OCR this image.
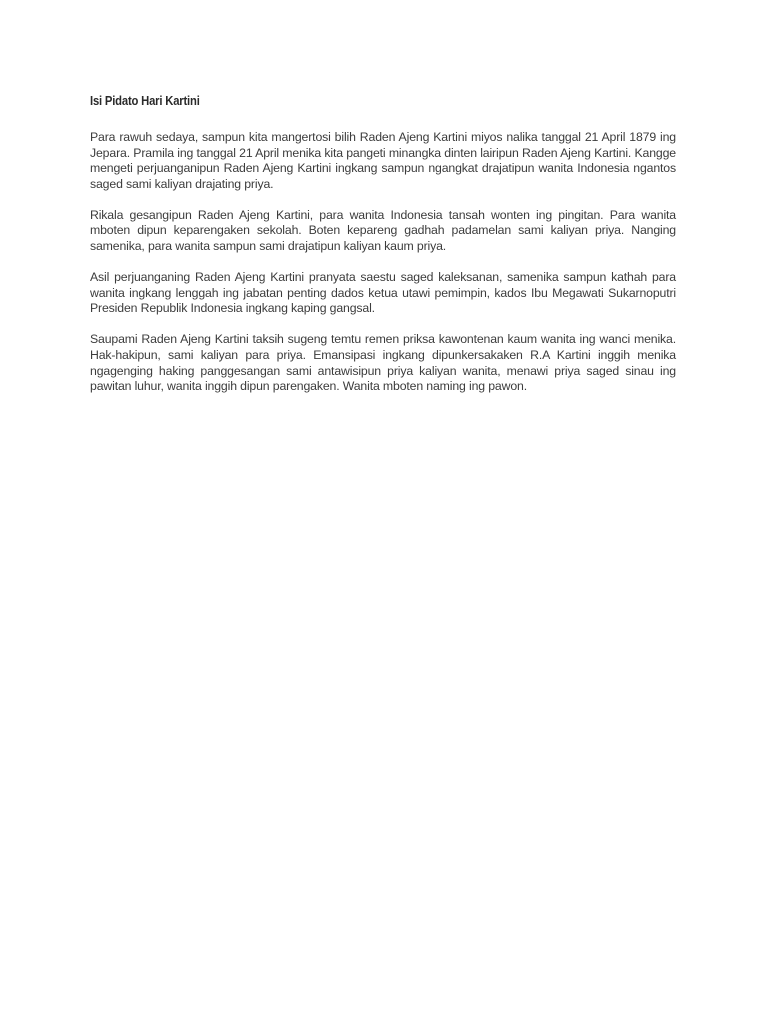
Isi Pidato Hari Kartini

Para rawuh sedaya, sampun kita mangertosi bilih Raden Ajeng Kartini miyos nalika tanggal 21 April 1879 ing Jepara. Pramila ing tanggal 21 April menika kita pangeti minangka dinten lairipun Raden Ajeng Kartini. Kangge mengeti perjuanganipun Raden Ajeng Kartini ingkang sampun ngangkat drajatipun wanita Indonesia ngantos saged sami kaliyan drajating priya.

Rikala gesangipun Raden Ajeng Kartini, para wanita Indonesia tansah wonten ing pingitan. Para wanita mboten dipun keparengaken sekolah. Boten kepareng gadhah padamelan sami kaliyan priya. Nanging samenika, para wanita sampun sami drajatipun kaliyan kaum priya.

Asil perjuanganing Raden Ajeng Kartini pranyata saestu saged kaleksanan, samenika sampun kathah para wanita ingkang lenggah ing jabatan penting dados ketua utawi pemimpin, kados Ibu Megawati Sukarnoputri Presiden Republik Indonesia ingkang kaping gangsal.

Saupami Raden Ajeng Kartini taksih sugeng temtu remen priksa kawontenan kaum wanita ing wanci menika. Hak-hakipun, sami kaliyan para priya. Emansipasi ingkang dipunkersakaken R.A Kartini inggih menika ngagenging haking panggesangan sami antawisipun priya kaliyan wanita, menawi priya saged sinau ing pawitan luhur, wanita inggih dipun parengaken. Wanita mboten naming ing pawon.
